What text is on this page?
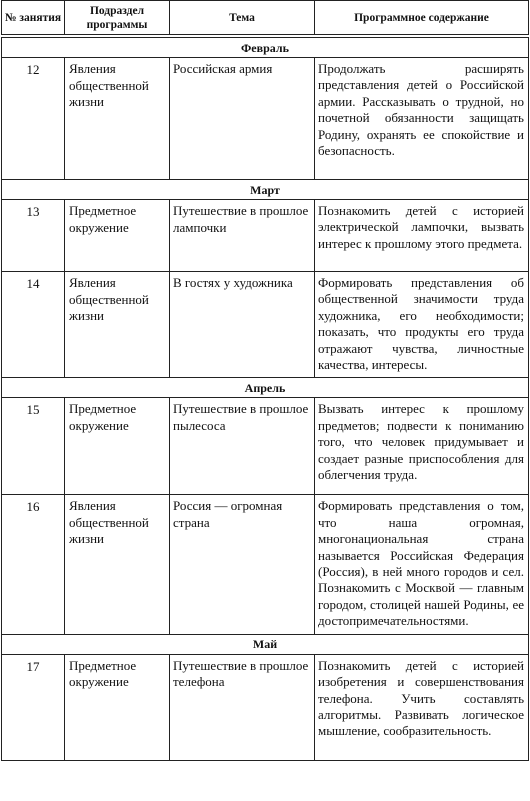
№ занятия	Подраздел программы	Тема	Программное содержание

Февраль			
12	Явления общественной жизни	Российская армия	Продолжать расширять представления детей о Российской армии. Рассказывать о трудной, но почетной обязанности защищать Родину, охранять ее спокойствие и безопасность.
Март			
13	Предметное окружение	Путешествие в прошлое лампочки	Познакомить детей с историей электрической лампочки, вызвать интерес к прошлому этого предмета.
14	Явления общественной жизни	В гостях у художника	Формировать представления об общественной значимости труда художника, его необходимости; показать, что продукты его труда отражают чувства, личностные качества, интересы.
Апрель			
15	Предметное окружение	Путешествие в прошлое пылесоса	Вызвать интерес к прошлому предметов; подвести к пониманию того, что человек придумывает и создает разные приспособления для облегчения труда.
16	Явления общественной жизни	Россия — огромная страна	Формировать представления о том, что наша огромная, многонациональная страна называется Российская Федерация (Россия), в ней много городов и сел. Познакомить с Москвой — главным городом, столицей нашей Родины, ее достопримечательностями.
Май			
17	Предметное окружение	Путешествие в прошлое телефона	Познакомить детей с историей изобретения и совершенствования телефона. Учить составлять алгоритмы. Развивать логическое мышление, сообразительность.
